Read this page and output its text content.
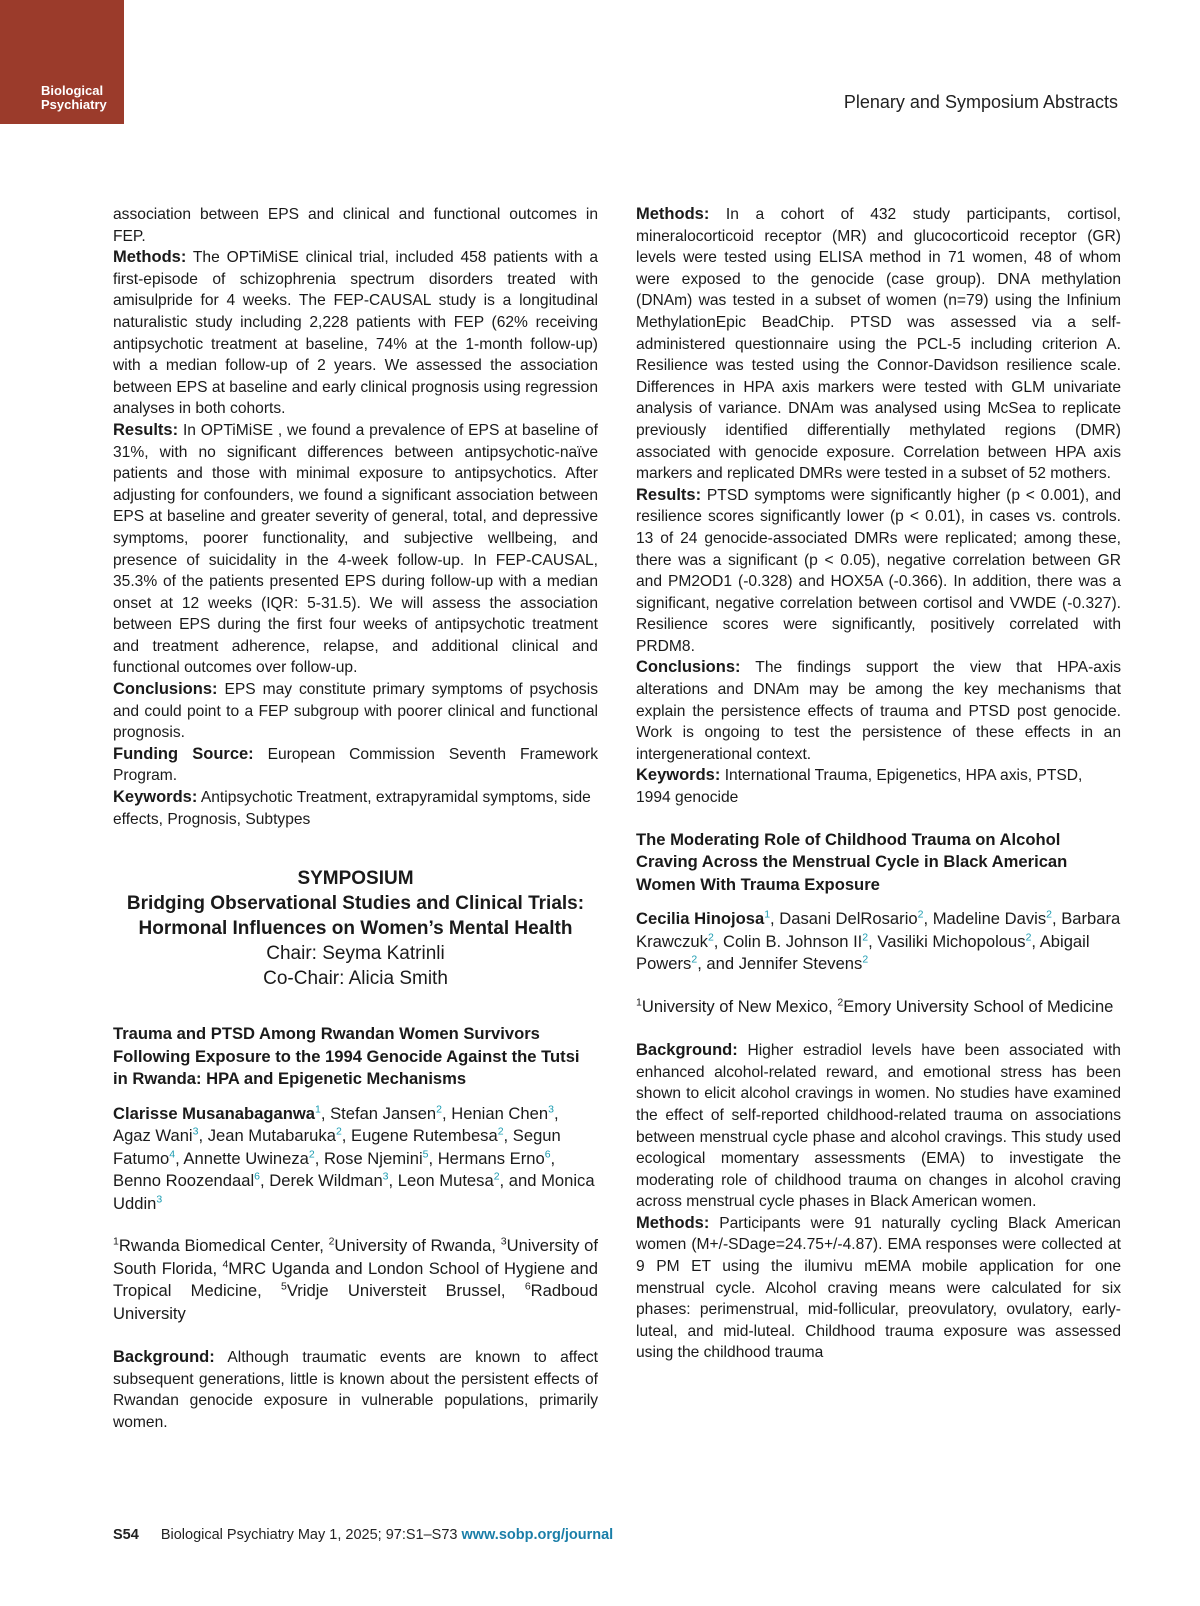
Biological
Psychiatry	Plenary and Symposium Abstracts

association between EPS and clinical and functional outcomes in FEP.

Methods: The OPTiMiSE clinical trial, included 458 patients with a first-episode of schizophrenia spectrum disorders treated with amisulpride for 4 weeks. The FEP-CAUSAL study is a longitudinal naturalistic study including 2,228 patients with FEP (62% receiving antipsychotic treatment at baseline, 74% at the 1-month follow-up) with a median follow-up of 2 years. We assessed the association between EPS at baseline and early clinical prognosis using regression analyses in both cohorts.

Results: In OPTiMiSE , we found a prevalence of EPS at baseline of 31%, with no significant differences between antipsychotic-naïve patients and those with minimal exposure to antipsychotics. After adjusting for confounders, we found a significant association between EPS at baseline and greater severity of general, total, and depressive symptoms, poorer functionality, and subjective wellbeing, and presence of suicidality in the 4-week follow-up. In FEP-CAUSAL, 35.3% of the patients presented EPS during follow-up with a median onset at 12 weeks (IQR: 5-31.5). We will assess the association between EPS during the first four weeks of antipsychotic treatment and treatment adherence, relapse, and additional clinical and functional outcomes over follow-up.

Conclusions: EPS may constitute primary symptoms of psychosis and could point to a FEP subgroup with poorer clinical and functional prognosis.

Funding Source: European Commission Seventh Framework Program.

Keywords: Antipsychotic Treatment, extrapyramidal symptoms, side effects, Prognosis, Subtypes

SYMPOSIUM
Bridging Observational Studies and Clinical Trials: Hormonal Influences on Women’s Mental Health
Chair: Seyma Katrinli
Co-Chair: Alicia Smith

Trauma and PTSD Among Rwandan Women Survivors Following Exposure to the 1994 Genocide Against the Tutsi in Rwanda: HPA and Epigenetic Mechanisms

Clarisse Musanabaganwa$^1$, Stefan Jansen$^2$, Henian Chen$^3$, Agaz Wani$^3$, Jean Mutabaruka$^2$, Eugene Rutembesa$^2$, Segun Fatumo$^4$, Annette Uwineza$^2$, Rose Njemini$^5$, Hermans Erno$^6$, Benno Roozendaal$^6$, Derek Wildman$^3$, Leon Mutesa$^2$, and Monica Uddin$^3$

$^1$Rwanda Biomedical Center, $^2$University of Rwanda, $^3$University of South Florida, $^4$MRC Uganda and London School of Hygiene and Tropical Medicine, $^5$Vridje Universteit Brussel, $^6$Radboud University

Background: Although traumatic events are known to affect subsequent generations, little is known about the persistent effects of Rwandan genocide exposure in vulnerable populations, primarily women.

Methods: In a cohort of 432 study participants, cortisol, mineralocorticoid receptor (MR) and glucocorticoid receptor (GR) levels were tested using ELISA method in 71 women, 48 of whom were exposed to the genocide (case group). DNA methylation (DNAm) was tested in a subset of women (n=79) using the Infinium MethylationEpic BeadChip. PTSD was assessed via a self-administered questionnaire using the PCL-5 including criterion A. Resilience was tested using the Connor-Davidson resilience scale. Differences in HPA axis markers were tested with GLM univariate analysis of variance. DNAm was analysed using McSea to replicate previously identified differentially methylated regions (DMR) associated with genocide exposure. Correlation between HPA axis markers and replicated DMRs were tested in a subset of 52 mothers.

Results: PTSD symptoms were significantly higher (p < 0.001), and resilience scores significantly lower (p < 0.01), in cases vs. controls. 13 of 24 genocide-associated DMRs were replicated; among these, there was a significant (p < 0.05), negative correlation between GR and PM2OD1 (-0.328) and HOX5A (-0.366). In addition, there was a significant, negative correlation between cortisol and VWDE (-0.327). Resilience scores were significantly, positively correlated with PRDM8.

Conclusions: The findings support the view that HPA-axis alterations and DNAm may be among the key mechanisms that explain the persistence effects of trauma and PTSD post genocide. Work is ongoing to test the persistence of these effects in an intergenerational context.

Keywords: International Trauma, Epigenetics, HPA axis, PTSD, 1994 genocide

The Moderating Role of Childhood Trauma on Alcohol Craving Across the Menstrual Cycle in Black American Women With Trauma Exposure

Cecilia Hinojosa$^1$, Dasani DelRosario$^2$, Madeline Davis$^2$, Barbara Krawczuk$^2$, Colin B. Johnson $II^2$, Vasiliki Michopolous$^2$, Abigail Powers$^2$, and Jennifer Stevens$^2$

$^1$University of New Mexico, $^2$Emory University School of Medicine

Background: Higher estradiol levels have been associated with enhanced alcohol-related reward, and emotional stress has been shown to elicit alcohol cravings in women. No studies have examined the effect of self-reported childhood-related trauma on associations between menstrual cycle phase and alcohol cravings. This study used ecological momentary assessments (EMA) to investigate the moderating role of childhood trauma on changes in alcohol craving across menstrual cycle phases in Black American women.

Methods: Participants were 91 naturally cycling Black American women (M+/-SDage=24.75+/-4.87). EMA responses were collected at 9 PM ET using the ilumivu mEMA mobile application for one menstrual cycle. Alcohol craving means were calculated for six phases: perimenstrual, mid-follicular, preovulatory, ovulatory, early-luteal, and mid-luteal. Childhood trauma exposure was assessed using the childhood trauma

S54 Biological Psychiatry May 1, 2025; 97:S1–S73 www.sobp.org/journal
